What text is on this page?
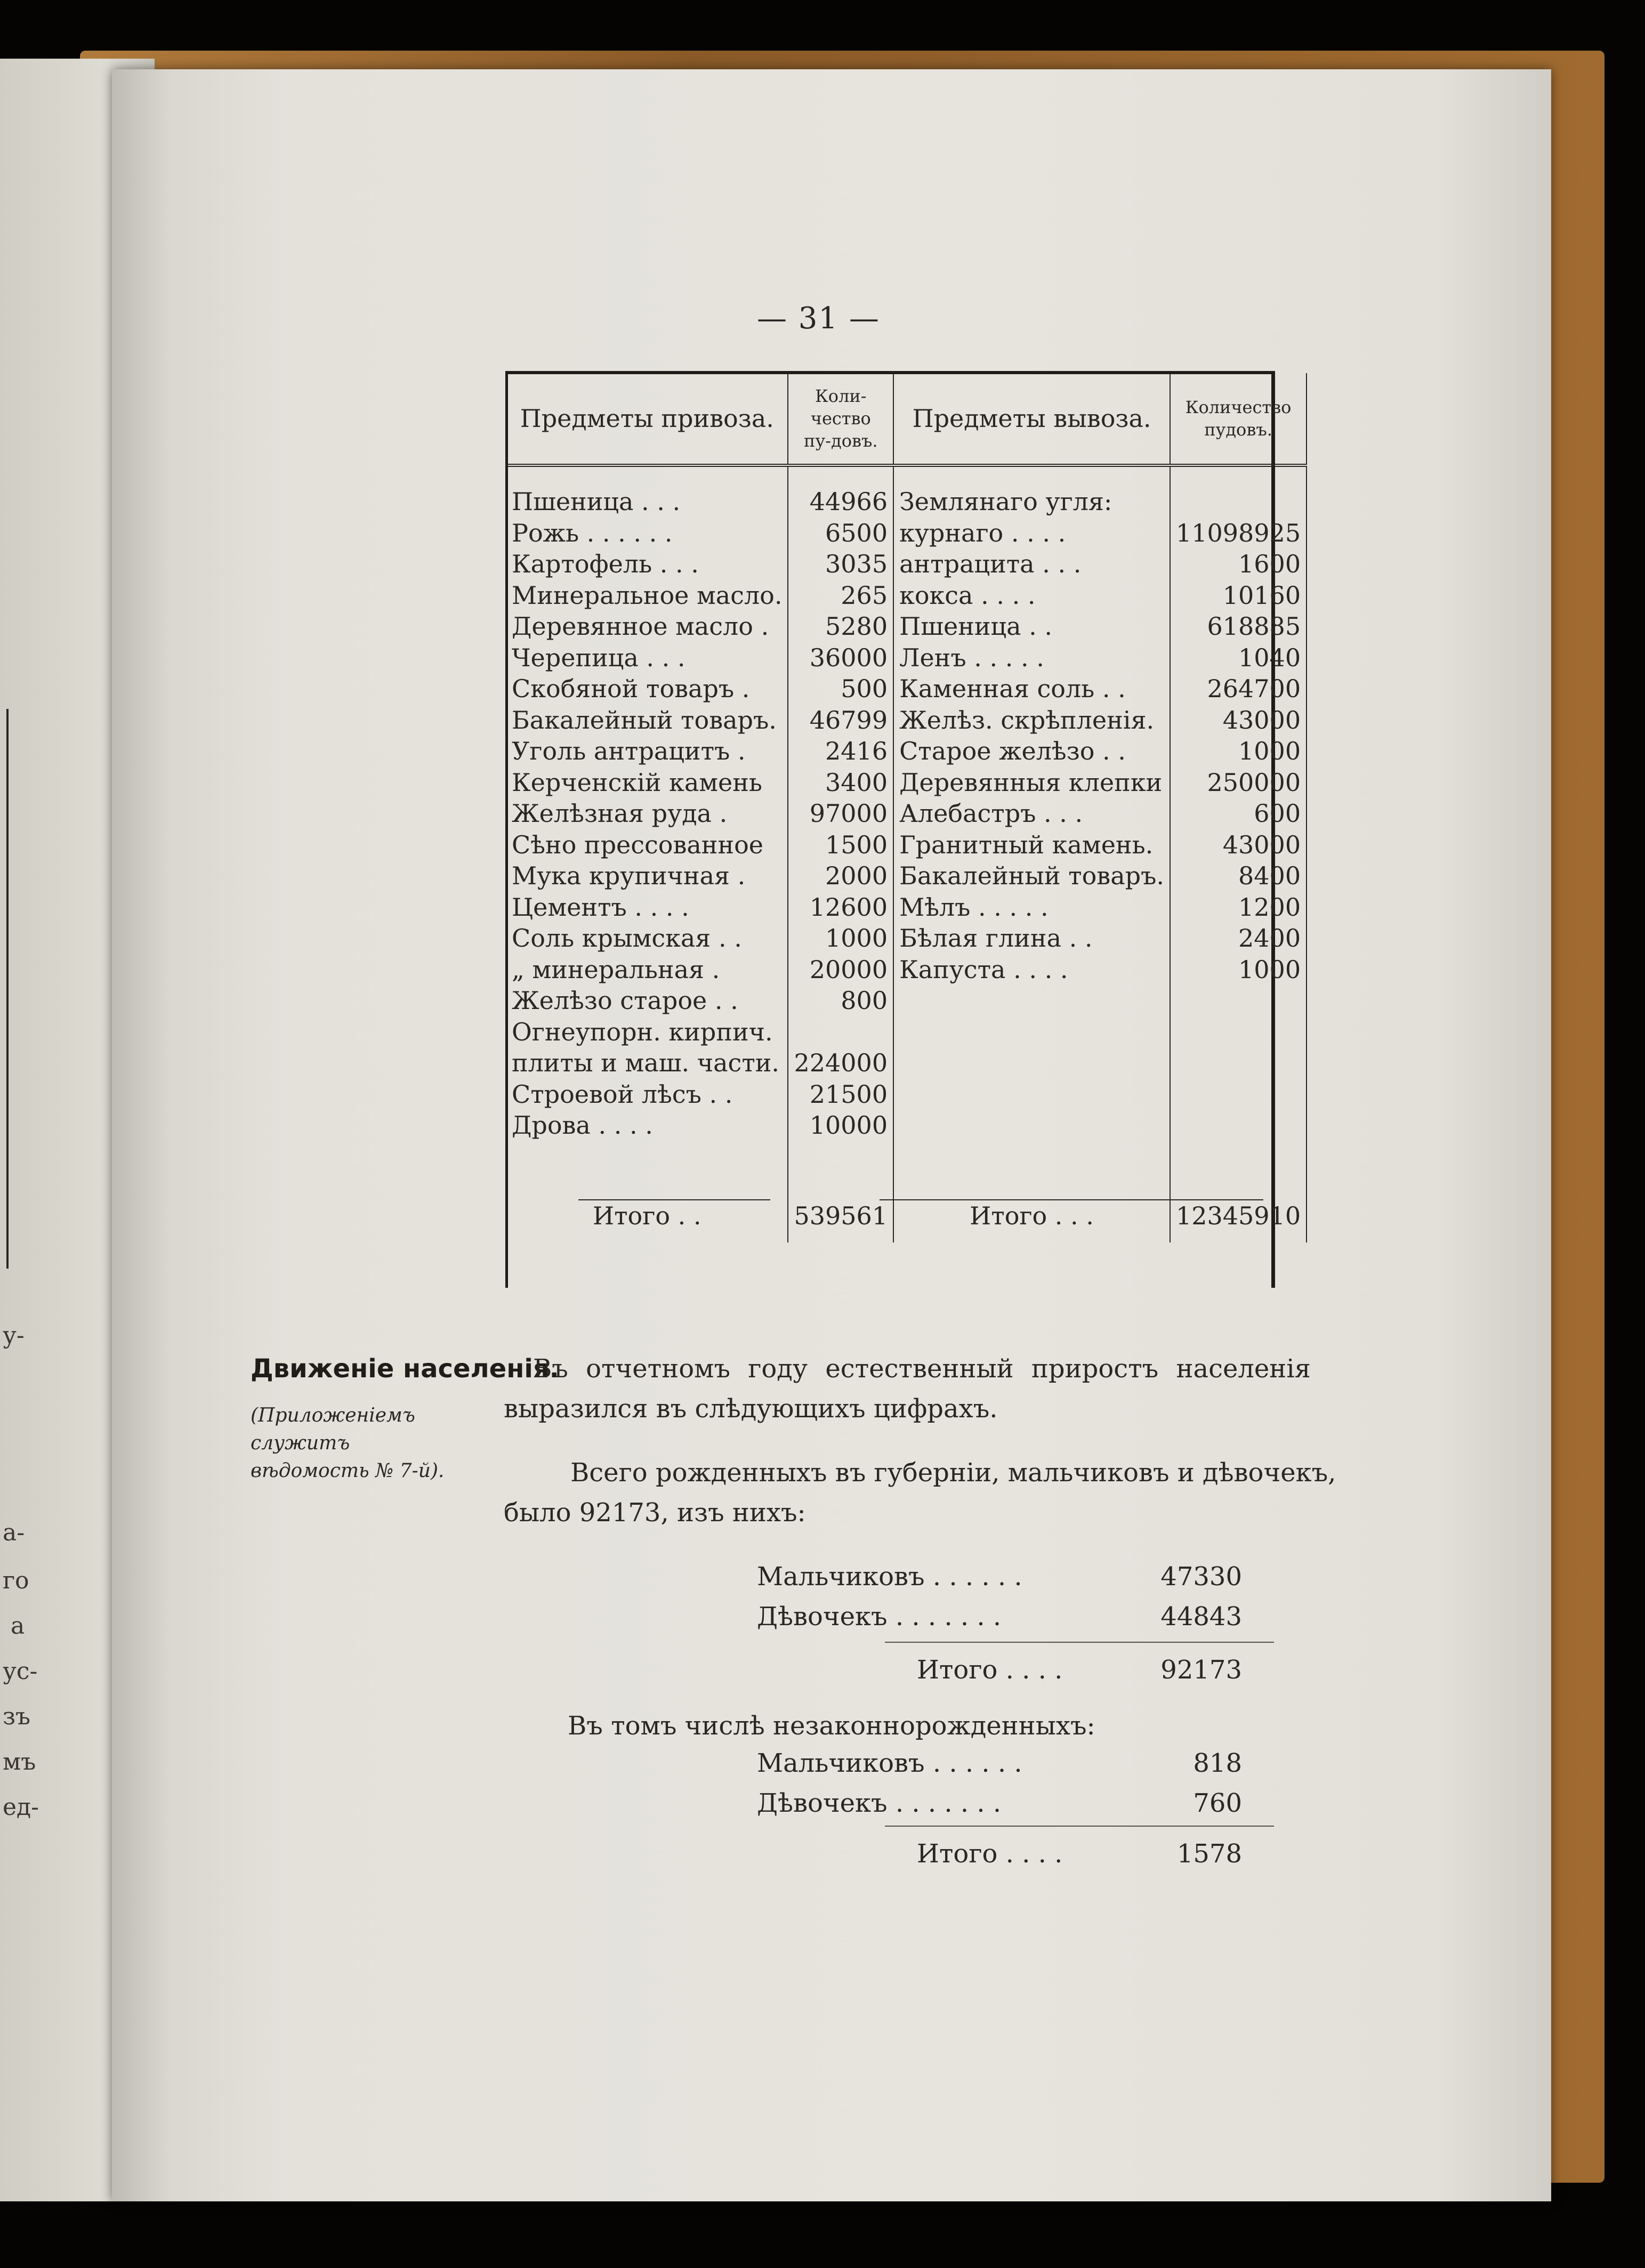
у-
а-
го
а
ус-
зъ
мъ
ед-
— 31 —
Предметы привоза.	Коли-чество пу-довъ.	Предметы вывоза.	Количество пудовъ.

Пшеница . . .	44966	Землянаго угля:	
Рожь . . . . . .	6500	курнаго . . . .	11098925
Картофель . . .	3035	антрацита . . .	1600
Минеральное масло.	265	кокса . . . .	10160
Деревянное масло .	5280	Пшеница . .	618885
Черепица . . .	36000	Ленъ . . . . .	1040
Скобяной товаръ .	500	Каменная соль . .	264700
Бакалейный товаръ.	46799	Желѣз. скрѣпленія.	43000
Уголь антрацитъ .	2416	Старое желѣзо . .	1000
Керченскій камень	3400	Деревянныя клепки	250000
Желѣзная руда .	97000	Алебастръ . . .	600
Сѣно прессованное	1500	Гранитный камень.	43000
Мука крупичная .	2000	Бакалейный товаръ.	8400
Цементъ . . . .	12600	Мѣлъ . . . . .	1200
Соль крымская . .	1000	Бѣлая глина . .	2400
„ минеральная .	20000	Капуста . . . .	1000
Желѣзо старое . .	800		
Огнеупорн. кирпич.			
плиты и маш. части.	224000		
Строевой лѣсъ . .	21500		
Дрова . . . .	10000		

Итого . .	539561	Итого . . .	12345910
Движеніе населенія.
(Приложеніемъ служитъ
вѣдомость № 7-й).
Въ отчетномъ году естественный приростъ населенія
выразился въ слѣдующихъ цифрахъ.
Всего рожденныхъ въ губерніи, мальчиковъ и дѣвочекъ,
было 92173, изъ нихъ:
Мальчиковъ . . . . . .	47330
Дѣвочекъ . . . . . . .	44843
Итого . . . .	92173
Въ томъ числѣ незаконнорожденныхъ:
Мальчиковъ . . . . . .	818
Дѣвочекъ . . . . . . .	760
Итого . . . .	1578
